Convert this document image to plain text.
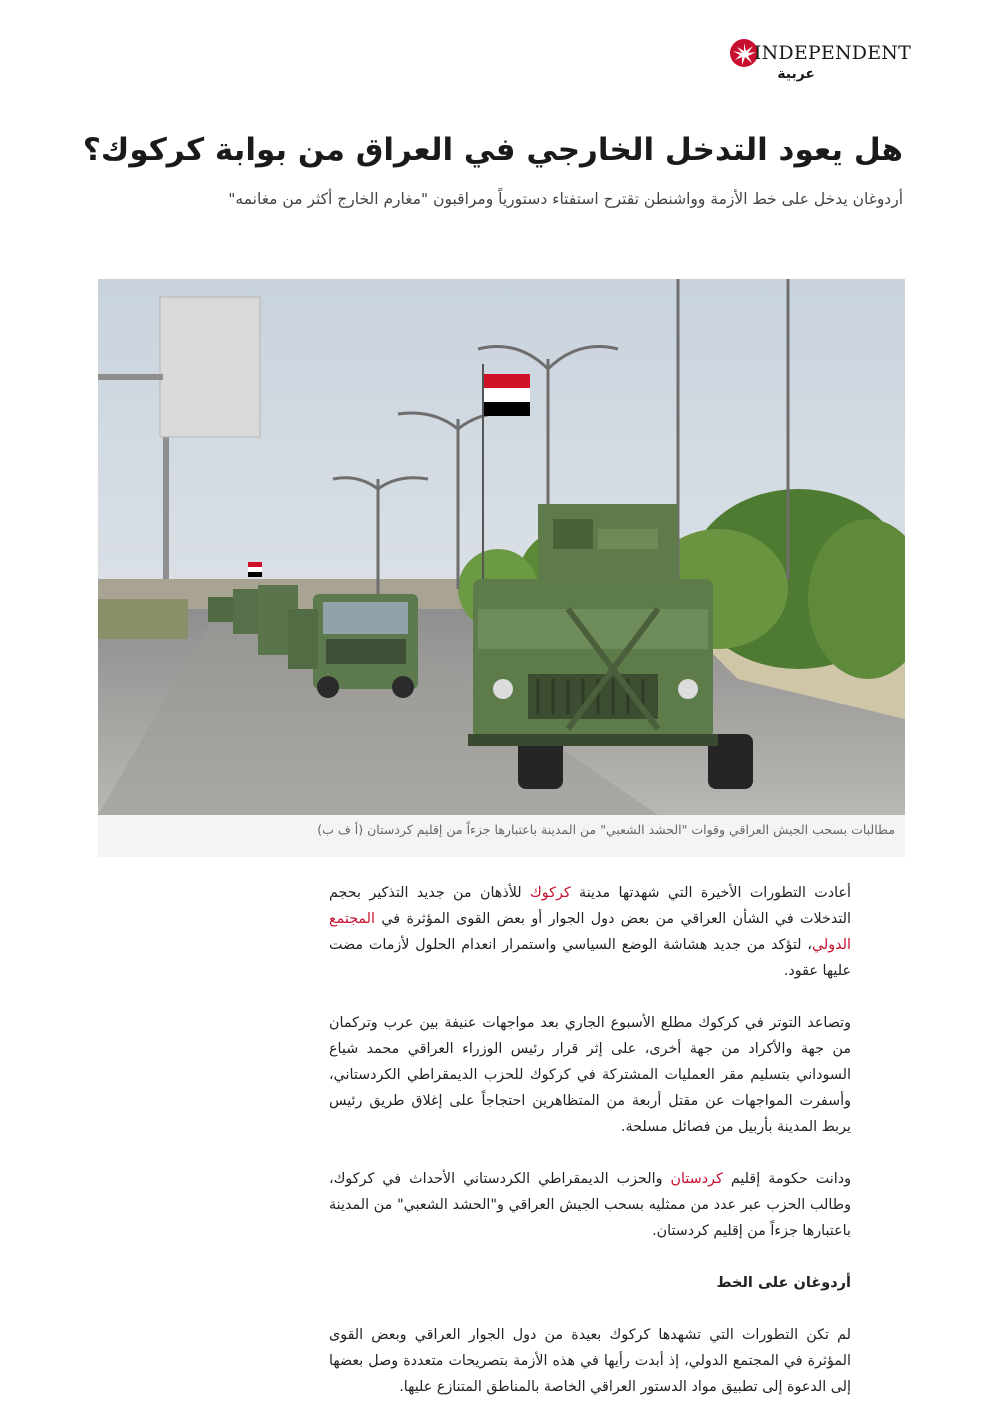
INDEPENDENT
عربية
هل يعود التدخل الخارجي في العراق من بوابة كركوك؟

أردوغان يدخل على خط الأزمة وواشنطن تقترح استفتاء دستورياً ومراقبون "مغارم الخارج أكثر من مغانمه"

مطالبات بسحب الجيش العراقي وقوات "الحشد الشعبي" من المدينة باعتبارها جزءاً من إقليم كردستان (أ ف ب)

أعادت التطورات الأخيرة التي شهدتها مدينة كركوك للأذهان من جديد التذكير بحجم التدخلات في الشأن العراقي من بعض دول الجوار أو بعض القوى المؤثرة في المجتمع الدولي، لتؤكد من جديد هشاشة الوضع السياسي واستمرار انعدام الحلول لأزمات مضت عليها عقود.

وتصاعد التوتر في كركوك مطلع الأسبوع الجاري بعد مواجهات عنيفة بين عرب وتركمان من جهة والأكراد من جهة أخرى، على إثر قرار رئيس الوزراء العراقي محمد شياع السوداني بتسليم مقر العمليات المشتركة في كركوك للحزب الديمقراطي الكردستاني، وأسفرت المواجهات عن مقتل أربعة من المتظاهرين احتجاجاً على إغلاق طريق رئيس يربط المدينة بأربيل من فصائل مسلحة.

ودانت حكومة إقليم كردستان والحزب الديمقراطي الكردستاني الأحداث في كركوك، وطالب الحزب عبر عدد من ممثليه بسحب الجيش العراقي و"الحشد الشعبي" من المدينة باعتبارها جزءاً من إقليم كردستان.

أردوغان على الخط

لم تكن التطورات التي تشهدها كركوك بعيدة من دول الجوار العراقي وبعض القوى المؤثرة في المجتمع الدولي، إذ أبدت رأيها في هذه الأزمة بتصريحات متعددة وصل بعضها إلى الدعوة إلى تطبيق مواد الدستور العراقي الخاصة بالمناطق المتنازع عليها.
